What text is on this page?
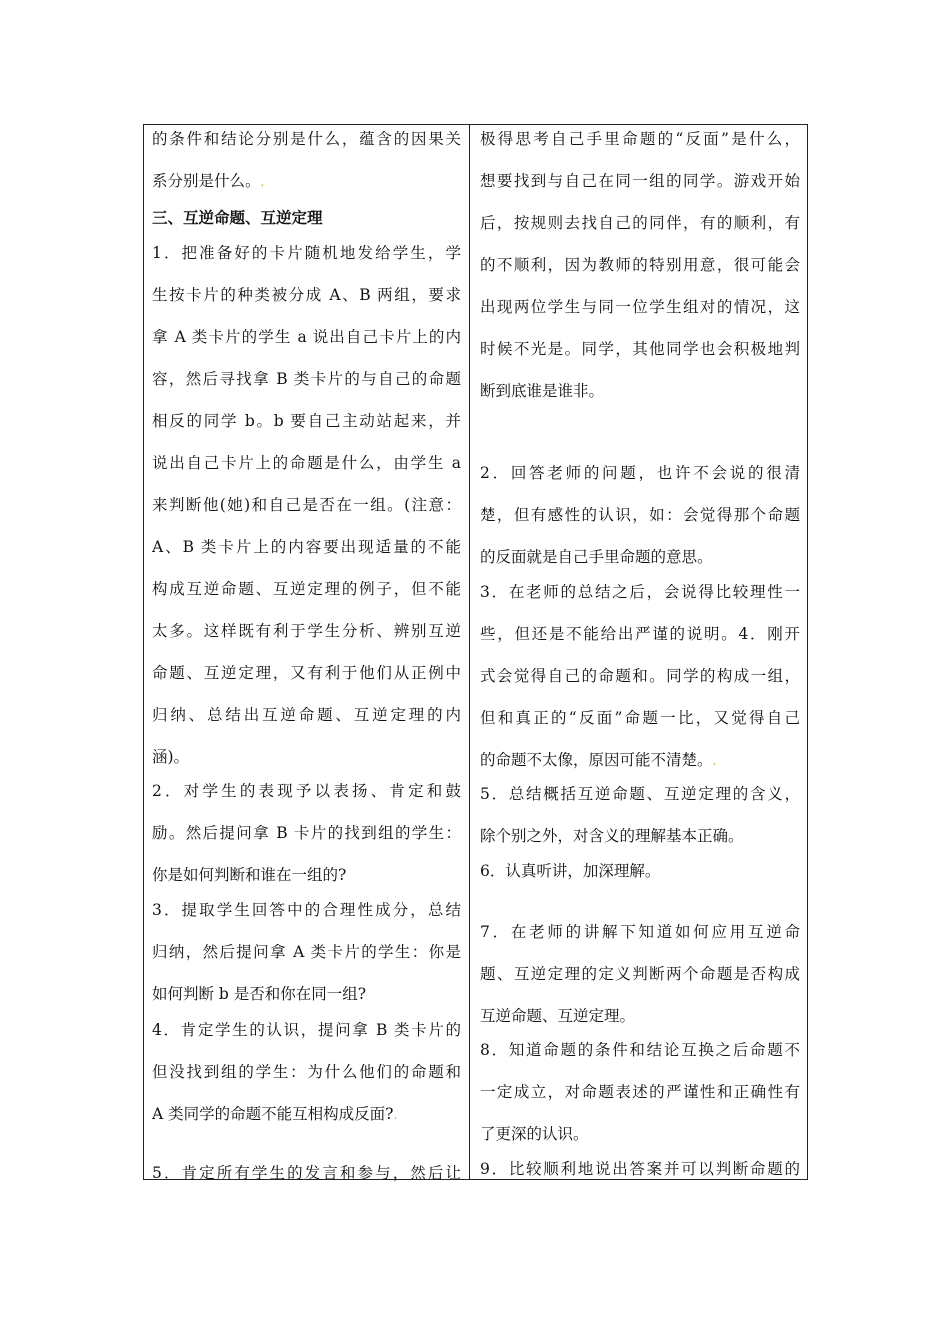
的条件和结论分别是什么，蕴含的因果关
系分别是什么。.
三、互逆命题、互逆定理
1．把准备好的卡片随机地发给学生，学
生按卡片的种类被分成 A、B 两组，要求
拿 A 类卡片的学生 a 说出自己卡片上的内
容，然后寻找拿 B 类卡片的与自己的命题
相反的同学 b。b 要自己主动站起来，并
说出自己卡片上的命题是什么，由学生 a
来判断他(她)和自己是否在一组。(注意：
A、B 类卡片上的内容要出现适量的不能
构成互逆命题、互逆定理的例子，但不能
太多。这样既有利于学生分析、辨别互逆
命题、互逆定理，又有利于他们从正例中
归纳、总结出互逆命题、互逆定理的内
涵)。
2．对学生的表现予以表扬、肯定和鼓
励。然后提问拿 B 卡片的找到组的学生：
你是如何判断和谁在一组的?
3．提取学生回答中的合理性成分，总结
归纳，然后提问拿 A 类卡片的学生：你是
如何判断 b 是否和你在同一组?
4．肯定学生的认识，提问拿 B 类卡片的
但没找到组的学生：为什么他们的命题和
A 类同学的命题不能互相构成反面?.
5．肯定所有学生的发言和参与，然后让
极得思考自己手里命题的“反面”是什么，
想要找到与自己在同一组的同学。游戏开始
后，按规则去找自己的同伴，有的顺利，有
的不顺利，因为教师的特别用意，很可能会
出现两位学生与同一位学生组对的情况，这
时候不光是。同学，其他同学也会积极地判
断到底谁是谁非。
2．回答老师的问题，也许不会说的很清
楚，但有感性的认识，如：会觉得那个命题
的反面就是自己手里命题的意思。
3．在老师的总结之后，会说得比较理性一
些，但还是不能给出严谨的说明。4．刚开
式会觉得自己的命题和。同学的构成一组，
但和真正的“反面”命题一比，又觉得自己
的命题不太像，原因可能不清楚。.
5．总结概括互逆命题、互逆定理的含义，
除个别之外，对含义的理解基本正确。
6．认真听讲，加深理解。
7．在老师的讲解下知道如何应用互逆命
题、互逆定理的定义判断两个命题是否构成
互逆命题、互逆定理。
8．知道命题的条件和结论互换之后命题不
一定成立，对命题表述的严谨性和正确性有
了更深的认识。
9．比较顺利地说出答案并可以判断命题的
